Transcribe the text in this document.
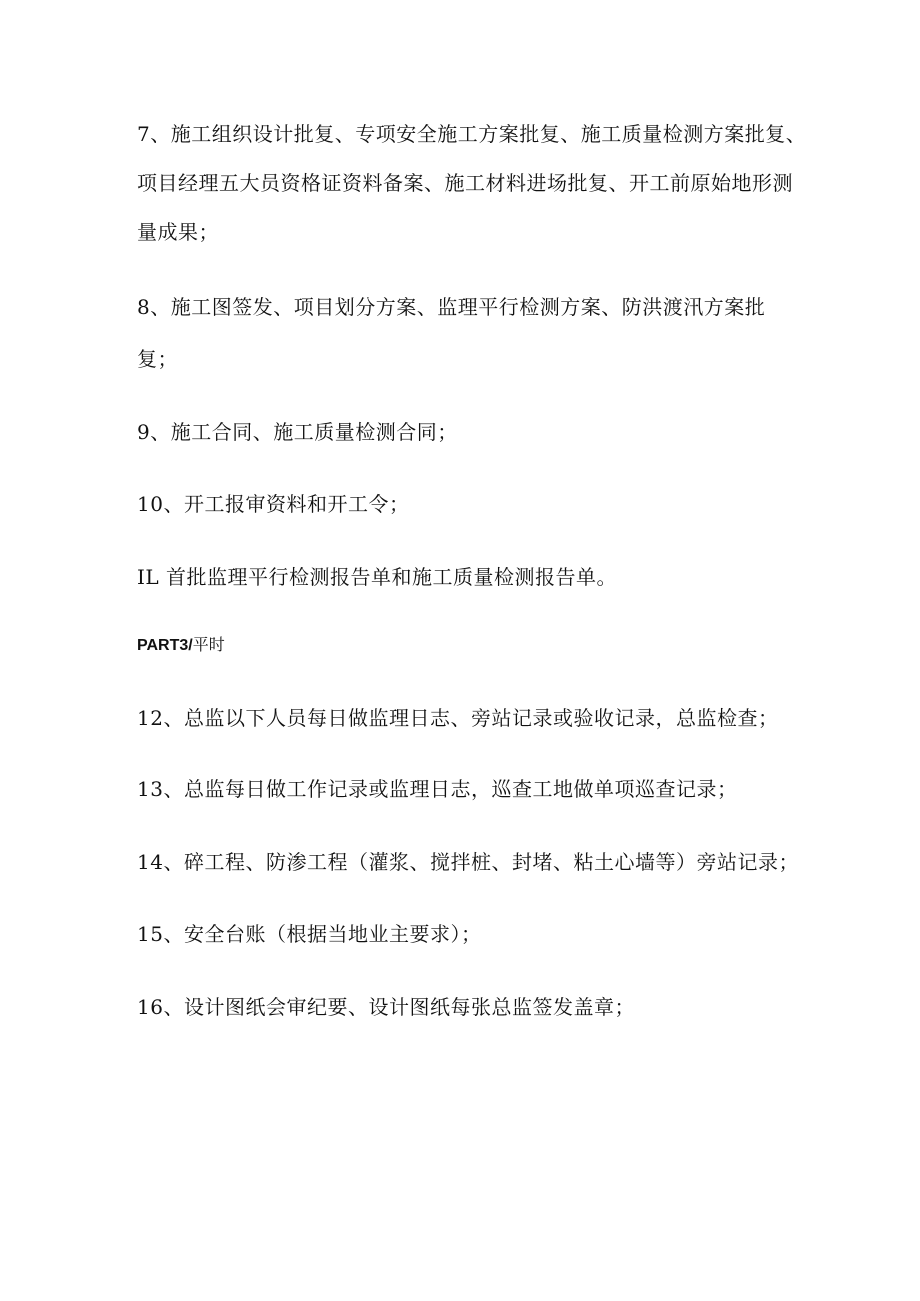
7、施工组织设计批复、专项安全施工方案批复、施工质量检测方案批复、
项目经理五大员资格证资料备案、施工材料进场批复、开工前原始地形测
量成果；
8、施工图签发、项目划分方案、监理平行检测方案、防洪渡汛方案批
复；
9、施工合同、施工质量检测合同；
10、开工报审资料和开工令；
IL 首批监理平行检测报告单和施工质量检测报告单。
PART3/平时
12、总监以下人员每日做监理日志、旁站记录或验收记录，总监检查；
13、总监每日做工作记录或监理日志，巡查工地做单项巡查记录；
14、碎工程、防渗工程（灌浆、搅拌桩、封堵、粘土心墙等）旁站记录；
15、安全台账（根据当地业主要求）；
16、设计图纸会审纪要、设计图纸每张总监签发盖章；
